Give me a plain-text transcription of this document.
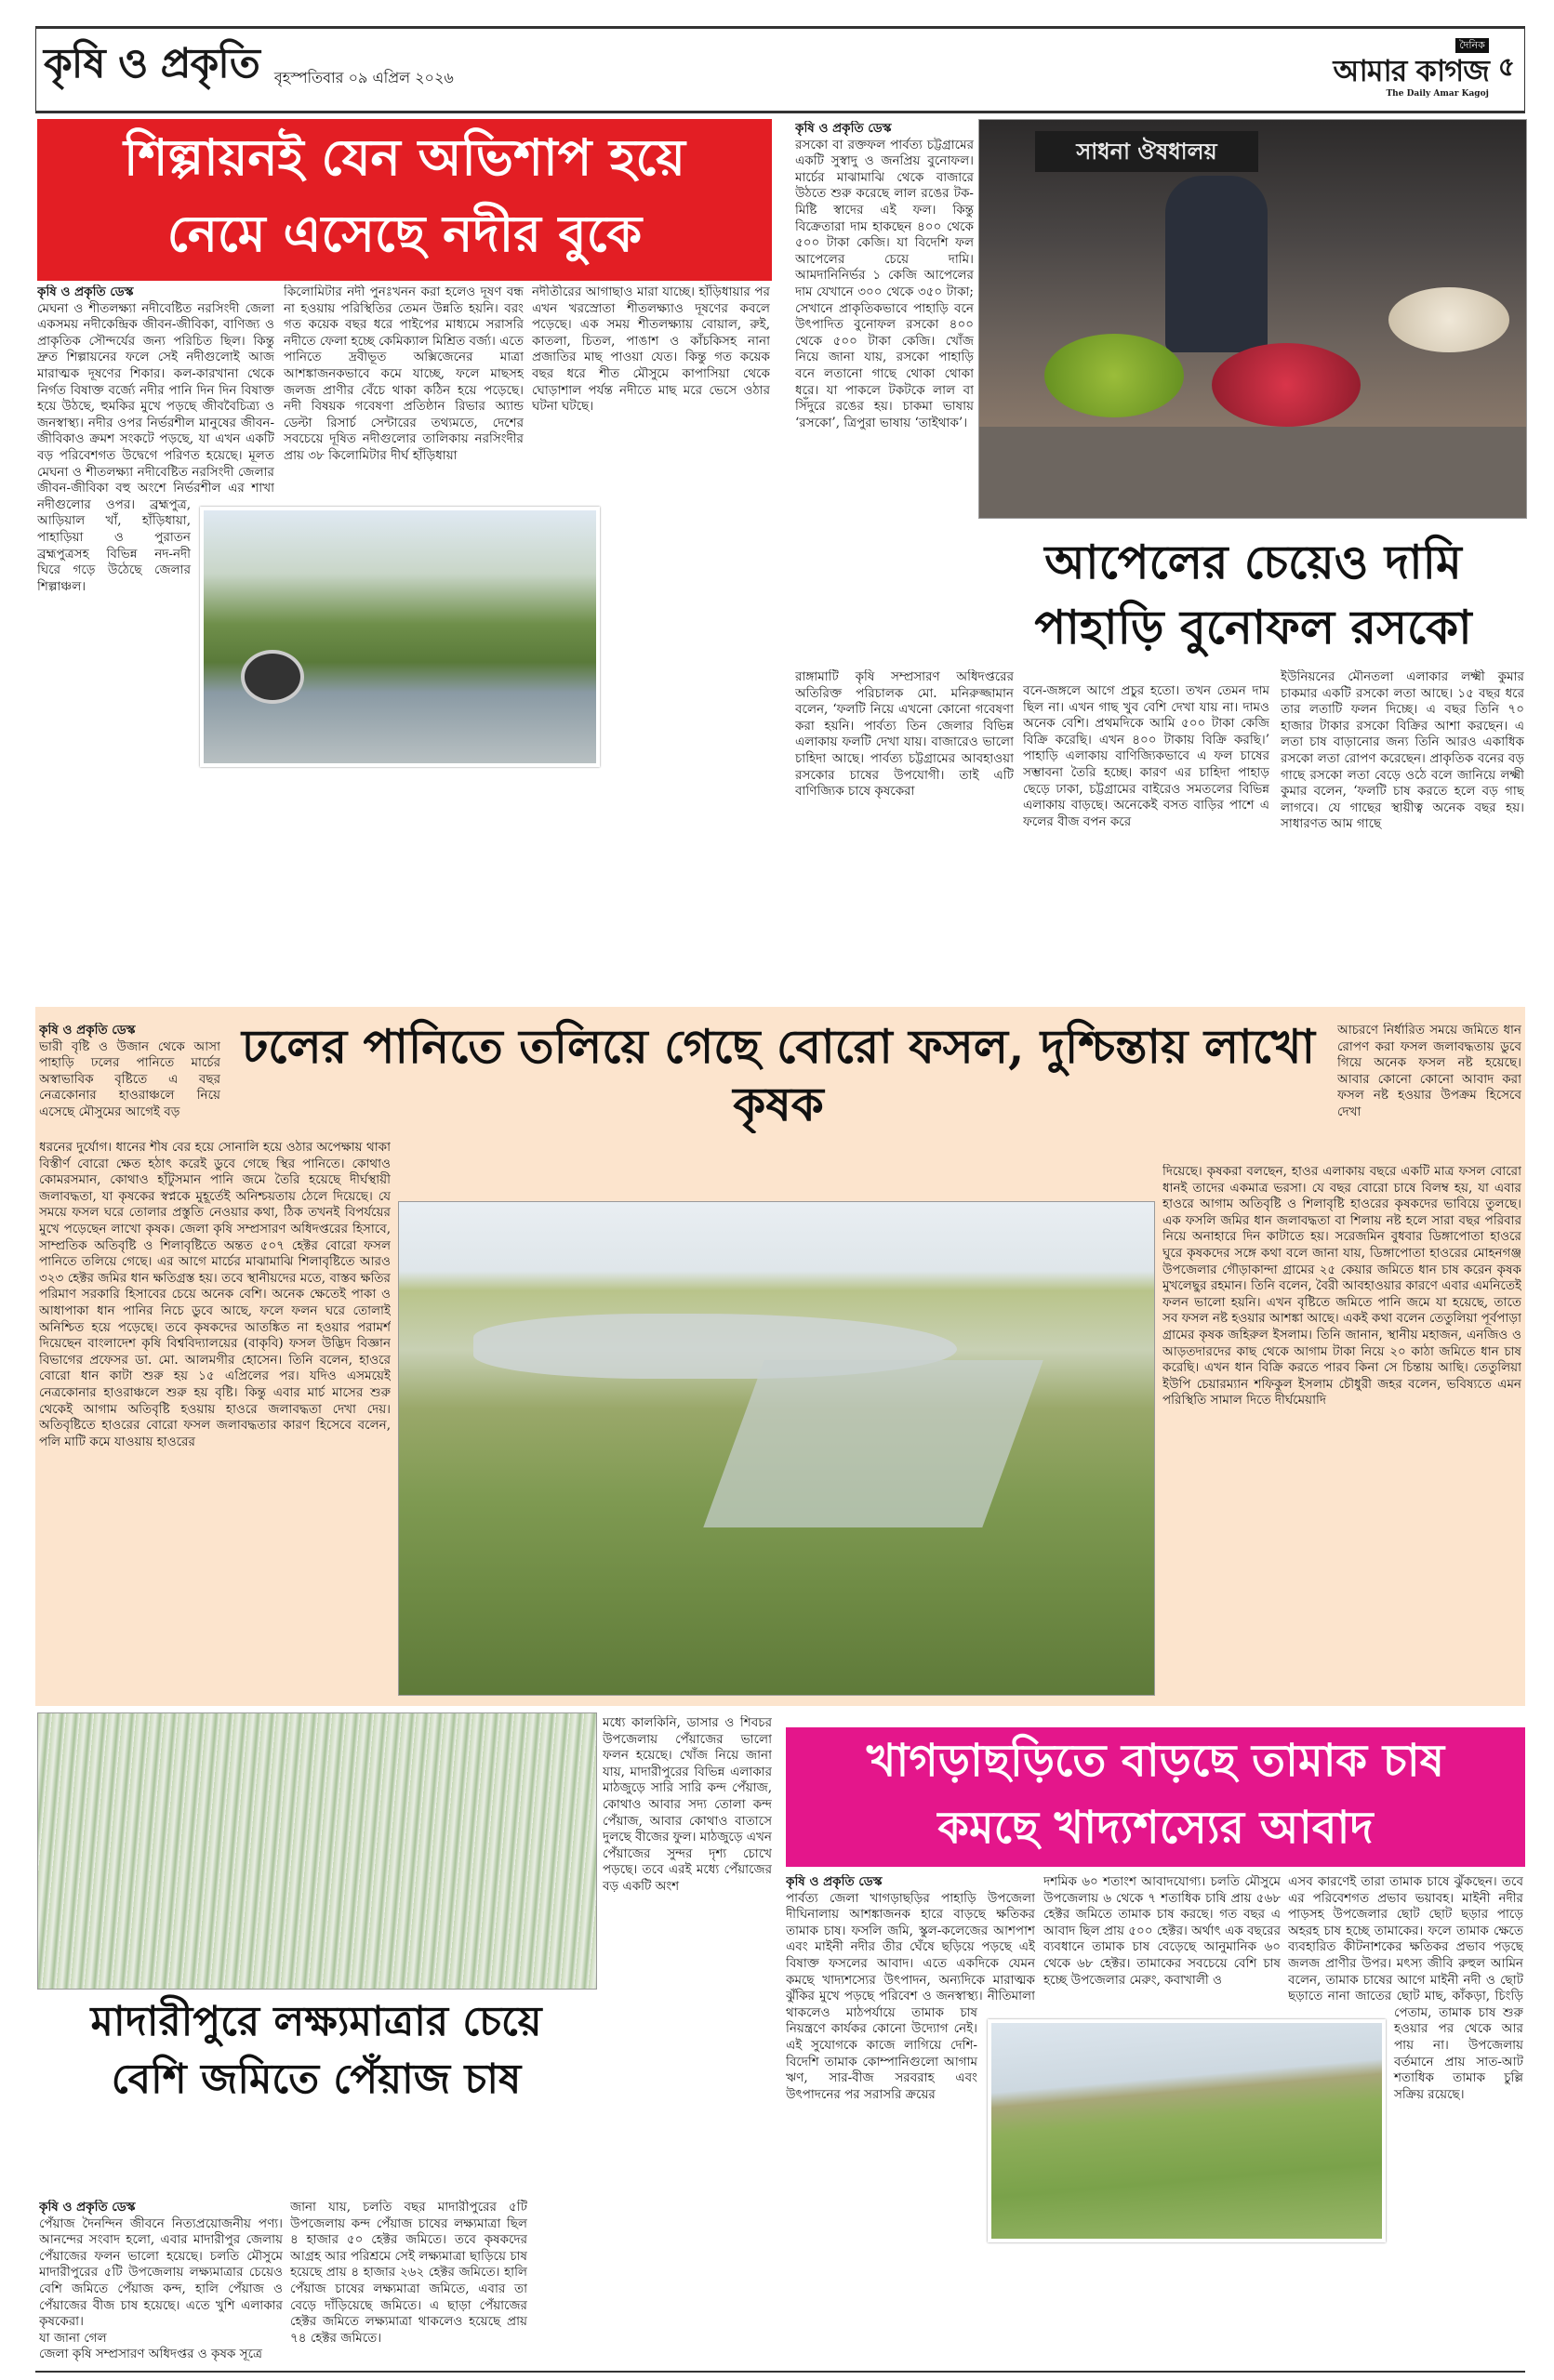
কৃষি ও প্রকৃতি বৃহস্পতিবার ০৯ এপ্রিল ২০২৬
দৈনিক
আমার কাগজ
The Daily Amar Kagoj
৫
শিল্পায়নই যেন অভিশাপ হয়ে
নেমে এসেছে নদীর বুকে
কৃষি ও প্রকৃতি ডেস্ক

মেঘনা ও শীতলক্ষ্যা নদীবেষ্টিত নরসিংদী জেলা একসময় নদীকেন্দ্রিক জীবন-জীবিকা, বাণিজ্য ও প্রাকৃতিক সৌন্দর্যের জন্য পরিচিত ছিল। কিন্তু দ্রুত শিল্পায়নের ফলে সেই নদীগুলোই আজ মারাত্মক দূষণের শিকার। কল-কারখানা থেকে নির্গত বিষাক্ত বর্জ্যে নদীর পানি দিন দিন বিষাক্ত হয়ে উঠছে, হুমকির মুখে পড়ছে জীববৈচিত্র্য ও জনস্বাস্থ্য। নদীর ওপর নির্ভরশীল মানুষের জীবন-জীবিকাও ক্রমশ সংকটে পড়ছে, যা এখন একটি বড় পরিবেশগত উদ্বেগে পরিণত হয়েছে। মূলত মেঘনা ও শীতলক্ষ্যা নদীবেষ্টিত নরসিংদী জেলার জীবন-জীবিকা বহু অংশে নির্ভরশীল এর শাখা নদীগুলোর ওপর। ব্রহ্মপুত্র, আড়িয়াল খাঁ, হাঁড়িধায়া, পাহাড়িয়া ও পুরাতন ব্রহ্মপুত্রসহ বিভিন্ন নদ-নদী ঘিরে গড়ে উঠেছে জেলার শিল্পাঞ্চল।

কিলোমিটার নদী পুনঃখনন করা হলেও দূষণ বন্ধ না হওয়ায় পরিস্থিতির তেমন উন্নতি হয়নি। বরং গত কয়েক বছর ধরে পাইপের মাধ্যমে সরাসরি নদীতে ফেলা হচ্ছে কেমিক্যাল মিশ্রিত বর্জ্য। এতে পানিতে দ্রবীভূত অক্সিজেনের মাত্রা আশঙ্কাজনকভাবে কমে যাচ্ছে, ফলে মাছসহ জলজ প্রাণীর বেঁচে থাকা কঠিন হয়ে পড়েছে। নদী বিষয়ক গবেষণা প্রতিষ্ঠান রিভার অ্যান্ড ডেল্টা রিসার্চ সেন্টারের তথ্যমতে, দেশের সবচেয়ে দূষিত নদীগুলোর তালিকায় নরসিংদীর প্রায় ৩৮ কিলোমিটার দীর্ঘ হাঁড়িধায়া

নদীতীরের আগাছাও মারা যাচ্ছে। হাঁড়িধায়ার পর এখন খরস্রোতা শীতলক্ষ্যাও দূষণের কবলে পড়েছে। এক সময় শীতলক্ষ্যায় বোয়াল, রুই, কাতলা, চিতল, পাঙাশ ও কাঁচকিসহ নানা প্রজাতির মাছ পাওয়া যেত। কিন্তু গত কয়েক বছর ধরে শীত মৌসুমে কাপাসিয়া থেকে ঘোড়াশাল পর্যন্ত নদীতে মাছ মরে ভেসে ওঠার ঘটনা ঘটছে।

কৃষি ও প্রকৃতি ডেস্ক

রসকো বা রক্তফল পার্বত্য চট্টগ্রামের একটি সুস্বাদু ও জনপ্রিয় বুনোফল। মার্চের মাঝামাঝি থেকে বাজারে উঠতে শুরু করেছে লাল রঙের টক-মিষ্টি স্বাদের এই ফল। কিন্তু বিক্রেতারা দাম হাকছেন ৪০০ থেকে ৫০০ টাকা কেজি। যা বিদেশি ফল আপেলের চেয়ে দামি। আমদানিনির্ভর ১ কেজি আপেলের দাম যেখানে ৩০০ থেকে ৩৫০ টাকা; সেখানে প্রাকৃতিকভাবে পাহাড়ি বনে উৎপাদিত বুনোফল রসকো ৪০০ থেকে ৫০০ টাকা কেজি। খোঁজ নিয়ে জানা যায়, রসকো পাহাড়ি বনে লতানো গাছে থোকা থোকা ধরে। যা পাকলে টকটকে লাল বা সিঁদুরে রঙের হয়। চাকমা ভাষায় ‘রসকো’, ত্রিপুরা ভাষায় ‘তাইথাক’।

সাধনা ঔষধালয়
আপেলের চেয়েও দামি
পাহাড়ি বুনোফল রসকো

রাঙ্গামাটি কৃষি সম্প্রসারণ অধিদপ্তরের অতিরিক্ত পরিচালক মো. মনিরুজ্জামান বলেন, ‘ফলটি নিয়ে এখনো কোনো গবেষণা করা হয়নি। পার্বত্য তিন জেলার বিভিন্ন এলাকায় ফলটি দেখা যায়। বাজারেও ভালো চাহিদা আছে। পার্বত্য চট্টগ্রামের আবহাওয়া রসকোর চাষের উপযোগী। তাই এটি বাণিজ্যিক চাষে কৃষকেরা

বনে-জঙ্গলে আগে প্রচুর হতো। তখন তেমন দাম ছিল না। এখন গাছ খুব বেশি দেখা যায় না। দামও অনেক বেশি। প্রথমদিকে আমি ৫০০ টাকা কেজি বিক্রি করেছি। এখন ৪০০ টাকায় বিক্রি করছি।’ পাহাড়ি এলাকায় বাণিজ্যিকভাবে এ ফল চাষের সম্ভাবনা তৈরি হচ্ছে। কারণ এর চাহিদা পাহাড় ছেড়ে ঢাকা, চট্টগ্রামের বাইরেও সমতলের বিভিন্ন এলাকায় বাড়ছে। অনেকেই বসত বাড়ির পাশে এ ফলের বীজ বপন করে

ইউনিয়নের মৌনতলা এলাকার লক্ষ্মী কুমার চাকমার একটি রসকো লতা আছে। ১৫ বছর ধরে তার লতাটি ফলন দিচ্ছে। এ বছর তিনি ৭০ হাজার টাকার রসকো বিক্রির আশা করছেন। এ লতা চাষ বাড়ানোর জন্য তিনি আরও একাধিক রসকো লতা রোপণ করেছেন। প্রাকৃতিক বনের বড় গাছে রসকো লতা বেড়ে ওঠে বলে জানিয়ে লক্ষ্মী কুমার বলেন, ‘ফলটি চাষ করতে হলে বড় গাছ লাগবে। যে গাছের স্থায়ীত্ব অনেক বছর হয়। সাধারণত আম গাছে

ঢলের পানিতে তলিয়ে গেছে বোরো ফসল, দুশ্চিন্তায় লাখো কৃষক
কৃষি ও প্রকৃতি ডেস্ক

ভারী বৃষ্টি ও উজান থেকে আসা পাহাড়ি ঢলের পানিতে মার্চের অস্বাভাবিক বৃষ্টিতে এ বছর নেত্রকোনার হাওরাঞ্চলে নিয়ে এসেছে মৌসুমের আগেই বড়

ধরনের দুর্যোগ। ধানের শীষ বের হয়ে সোনালি হয়ে ওঠার অপেক্ষায় থাকা বিস্তীর্ণ বোরো ক্ষেত হঠাৎ করেই ডুবে গেছে স্থির পানিতে। কোথাও কোমরসমান, কোথাও হাঁটুসমান পানি জমে তৈরি হয়েছে দীর্ঘস্থায়ী জলাবদ্ধতা, যা কৃষকের স্বপ্নকে মুহূর্তেই অনিশ্চয়তায় ঠেলে দিয়েছে। যে সময়ে ফসল ঘরে তোলার প্রস্তুতি নেওয়ার কথা, ঠিক তখনই বিপর্যয়ের মুখে পড়েছেন লাখো কৃষক। জেলা কৃষি সম্প্রসারণ অধিদপ্তরের হিসাবে, সাম্প্রতিক অতিবৃষ্টি ও শিলাবৃষ্টিতে অন্তত ৫০৭ হেক্টর বোরো ফসল পানিতে তলিয়ে গেছে। এর আগে মার্চের মাঝামাঝি শিলাবৃষ্টিতে আরও ৩২৩ হেক্টর জমির ধান ক্ষতিগ্রস্ত হয়। তবে স্থানীয়দের মতে, বাস্তব ক্ষতির পরিমাণ সরকারি হিসাবের চেয়ে অনেক বেশি। অনেক ক্ষেতেই পাকা ও আধাপাকা ধান পানির নিচে ডুবে আছে, ফলে ফলন ঘরে তোলাই অনিশ্চিত হয়ে পড়েছে। তবে কৃষকদের আতঙ্কিত না হওয়ার পরামর্শ দিয়েছেন বাংলাদেশ কৃষি বিশ্ববিদ্যালয়ের (বাকৃবি) ফসল উদ্ভিদ বিজ্ঞান বিভাগের প্রফেসর ডা. মো. আলমগীর হোসেন। তিনি বলেন, হাওরে বোরো ধান কাটা শুরু হয় ১৫ এপ্রিলের পর। যদিও এসময়েই নেত্রকোনার হাওরাঞ্চলে শুরু হয় বৃষ্টি। কিন্তু এবার মার্চ মাসের শুরু থেকেই আগাম অতিবৃষ্টি হওয়ায় হাওরে জলাবদ্ধতা দেখা দেয়। অতিবৃষ্টিতে হাওরের বোরো ফসল জলাবদ্ধতার কারণ হিসেবে বলেন, পলি মাটি কমে যাওয়ায় হাওরের

আচরণে নির্ধারিত সময়ে জমিতে ধান রোপণ করা ফসল জলাবদ্ধতায় ডুবে গিয়ে অনেক ফসল নষ্ট হয়েছে। আবার কোনো কোনো আবাদ করা ফসল নষ্ট হওয়ার উপক্রম হিসেবে দেখা

দিয়েছে। কৃষকরা বলছেন, হাওর এলাকায় বছরে একটি মাত্র ফসল বোরো ধানই তাদের একমাত্র ভরসা। যে বছর বোরো চাষে বিলম্ব হয়, যা এবার হাওরে আগাম অতিবৃষ্টি ও শিলাবৃষ্টি হাওরের কৃষকদের ভাবিয়ে তুলছে। এক ফসলি জমির ধান জলাবদ্ধতা বা শিলায় নষ্ট হলে সারা বছর পরিবার নিয়ে অনাহারে দিন কাটাতে হয়। সরেজমিন বুধবার ডিঙ্গাপোতা হাওরে ঘুরে কৃষকদের সঙ্গে কথা বলে জানা যায়, ডিঙ্গাপোতা হাওরের মোহনগঞ্জ উপজেলার গৌড়াকান্দা গ্রামের ২৫ কেয়ার জমিতে ধান চাষ করেন কৃষক মুখলেছুর রহমান। তিনি বলেন, বৈরী আবহাওয়ার কারণে এবার এমনিতেই ফলন ভালো হয়নি। এখন বৃষ্টিতে জমিতে পানি জমে যা হয়েছে, তাতে সব ফসল নষ্ট হওয়ার আশঙ্কা আছে। একই কথা বলেন তেতুলিয়া পূর্বপাড়া গ্রামের কৃষক জহিরুল ইসলাম। তিনি জানান, স্থানীয় মহাজন, এনজিও ও আড়তদারদের কাছ থেকে আগাম টাকা নিয়ে ২০ কাঠা জমিতে ধান চাষ করেছি। এখন ধান বিক্রি করতে পারব কিনা সে চিন্তায় আছি। তেতুলিয়া ইউপি চেয়ারম্যান শফিকুল ইসলাম চৌধুরী জহর বলেন, ভবিষ্যতে এমন পরিস্থিতি সামাল দিতে দীর্ঘমেয়াদি

মাদারীপুরে লক্ষ্যমাত্রার চেয়ে
বেশি জমিতে পেঁয়াজ চাষ

মধ্যে কালকিনি, ডাসার ও শিবচর উপজেলায় পেঁয়াজের ভালো ফলন হয়েছে। খোঁজ নিয়ে জানা যায়, মাদারীপুরের বিভিন্ন এলাকার মাঠজুড়ে সারি সারি কন্দ পেঁয়াজ, কোথাও আবার সদ্য তোলা কন্দ পেঁয়াজ, আবার কোথাও বাতাসে দুলছে বীজের ফুল। মাঠজুড়ে এখন পেঁয়াজের সুন্দর দৃশ্য চোখে পড়ছে। তবে এরই মধ্যে পেঁয়াজের বড় একটি অংশ

কৃষি ও প্রকৃতি ডেস্ক

পেঁয়াজ দৈনন্দিন জীবনে নিত্যপ্রয়োজনীয় পণ্য। আনন্দের সংবাদ হলো, এবার মাদারীপুর জেলায় পেঁয়াজের ফলন ভালো হয়েছে। চলতি মৌসুমে মাদারীপুরের ৫টি উপজেলায় লক্ষ্যমাত্রার চেয়েও বেশি জমিতে পেঁয়াজ কন্দ, হালি পেঁয়াজ ও পেঁয়াজের বীজ চাষ হয়েছে। এতে খুশি এলাকার কৃষকেরা।

যা জানা গেল

জেলা কৃষি সম্প্রসারণ অধিদপ্তর ও কৃষক সূত্রে

জানা যায়, চলতি বছর মাদারীপুরের ৫টি উপজেলায় কন্দ পেঁয়াজ চাষের লক্ষ্যমাত্রা ছিল ৪ হাজার ৫০ হেক্টর জমিতে। তবে কৃষকদের আগ্রহ আর পরিশ্রমে সেই লক্ষ্যমাত্রা ছাড়িয়ে চাষ হয়েছে প্রায় ৪ হাজার ২৬২ হেক্টর জমিতে। হালি পেঁয়াজ চাষের লক্ষ্যমাত্রা জমিতে, এবার তা বেড়ে দাঁড়িয়েছে জমিতে। এ ছাড়া পেঁয়াজের হেক্টর জমিতে লক্ষ্যমাত্রা থাকলেও হয়েছে প্রায় ৭৪ হেক্টর জমিতে।

খাগড়াছড়িতে বাড়ছে তামাক চাষ
কমছে খাদ্যশস্যের আবাদ
কৃষি ও প্রকৃতি ডেস্ক

পার্বত্য জেলা খাগড়াছড়ির পাহাড়ি উপজেলা দীঘিনালায় আশঙ্কাজনক হারে বাড়ছে ক্ষতিকর তামাক চাষ। ফসলি জমি, স্কুল-কলেজের আশপাশ এবং মাইনী নদীর তীর ঘেঁষে ছড়িয়ে পড়ছে এই বিষাক্ত ফসলের আবাদ। এতে একদিকে যেমন কমছে খাদ্যশস্যের উৎপাদন, অন্যদিকে মারাত্মক ঝুঁকির মুখে পড়ছে পরিবেশ ও জনস্বাস্থ্য। নীতিমালা থাকলেও মাঠপর্যায়ে তামাক চাষ নিয়ন্ত্রণে কার্যকর কোনো উদ্যোগ নেই। এই সুযোগকে কাজে লাগিয়ে দেশি-বিদেশি তামাক কোম্পানিগুলো আগাম ঋণ, সার-বীজ সরবরাহ এবং উৎপাদনের পর সরাসরি ক্রয়ের

দশমিক ৬০ শতাংশ আবাদযোগ্য। চলতি মৌসুমে উপজেলায় ৬ থেকে ৭ শতাধিক চাষি প্রায় ৫৬৮ হেক্টর জমিতে তামাক চাষ করছে। গত বছর এ আবাদ ছিল প্রায় ৫০০ হেক্টর। অর্থাৎ এক বছরের ব্যবধানে তামাক চাষ বেড়েছে আনুমানিক ৬০ থেকে ৬৮ হেক্টর। তামাকের সবচেয়ে বেশি চাষ হচ্ছে উপজেলার মেরুং, কবাখালী ও

এসব কারণেই তারা তামাক চাষে ঝুঁকছেন। তবে এর পরিবেশগত প্রভাব ভয়াবহ। মাইনী নদীর পাড়সহ উপজেলার ছোট ছোট ছড়ার পাড়ে অহরহ চাষ হচ্ছে তামাকের। ফলে তামাক ক্ষেতে ব্যবহারিত কীটনাশকের ক্ষতিকর প্রভাব পড়ছে জলজ প্রাণীর উপর। মৎস্য জীবি রুহুল আমিন বলেন, তামাক চাষের আগে মাইনী নদী ও ছোট ছড়াতে নানা জাতের ছোট মাছ, কাঁকড়া, চিংড়ি পেতাম, তামাক চাষ শুরু হওয়ার পর থেকে আর পায় না। উপজেলায় বর্তমানে প্রায় সাত-আট শতাধিক তামাক চুল্লি সক্রিয় রয়েছে।
